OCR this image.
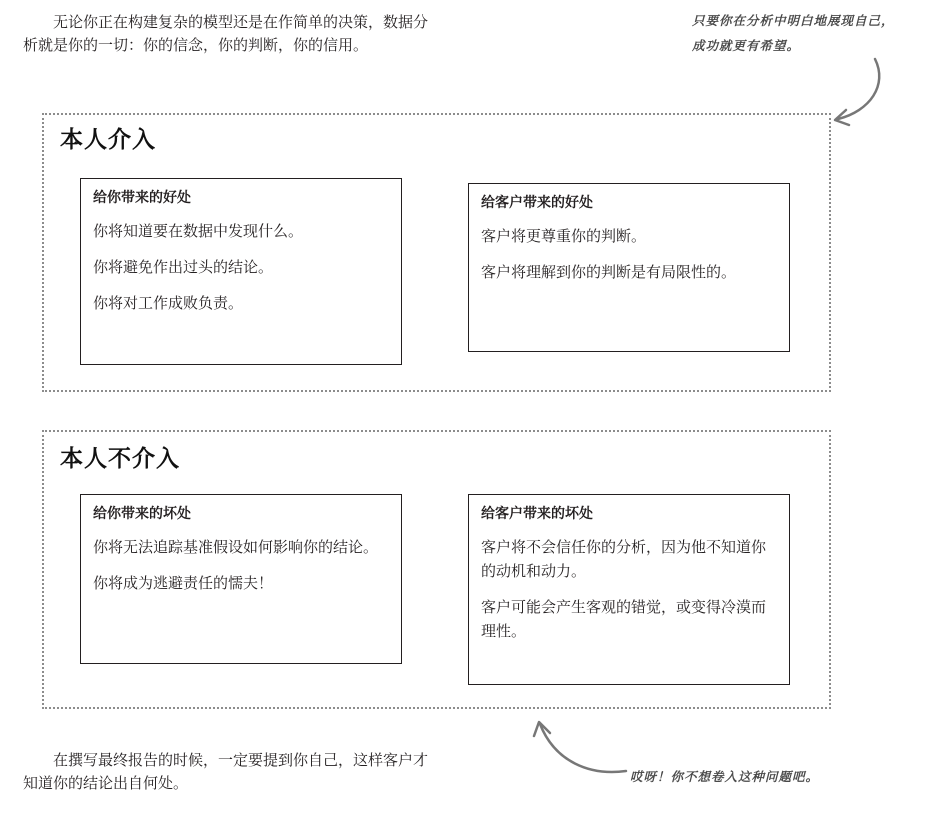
无论你正在构建复杂的模型还是在作简单的决策，数据分析就是你的一切：你的信念，你的判断，你的信用。

只要你在分析中明白地展现自己，成功就更有希望。
本人介入
给你带来的好处
你将知道要在数据中发现什么。
你将避免作出过头的结论。
你将对工作成败负责。
给客户带来的好处
客户将更尊重你的判断。
客户将理解到你的判断是有局限性的。
本人不介入
给你带来的坏处
你将无法追踪基准假设如何影响你的结论。
你将成为逃避责任的懦夫！
给客户带来的坏处
客户将不会信任你的分析，因为他不知道你的动机和动力。
客户可能会产生客观的错觉，或变得冷漠而理性。

在撰写最终报告的时候，一定要提到你自己，这样客户才知道你的结论出自何处。	哎呀！你不想卷入这种问题吧。
